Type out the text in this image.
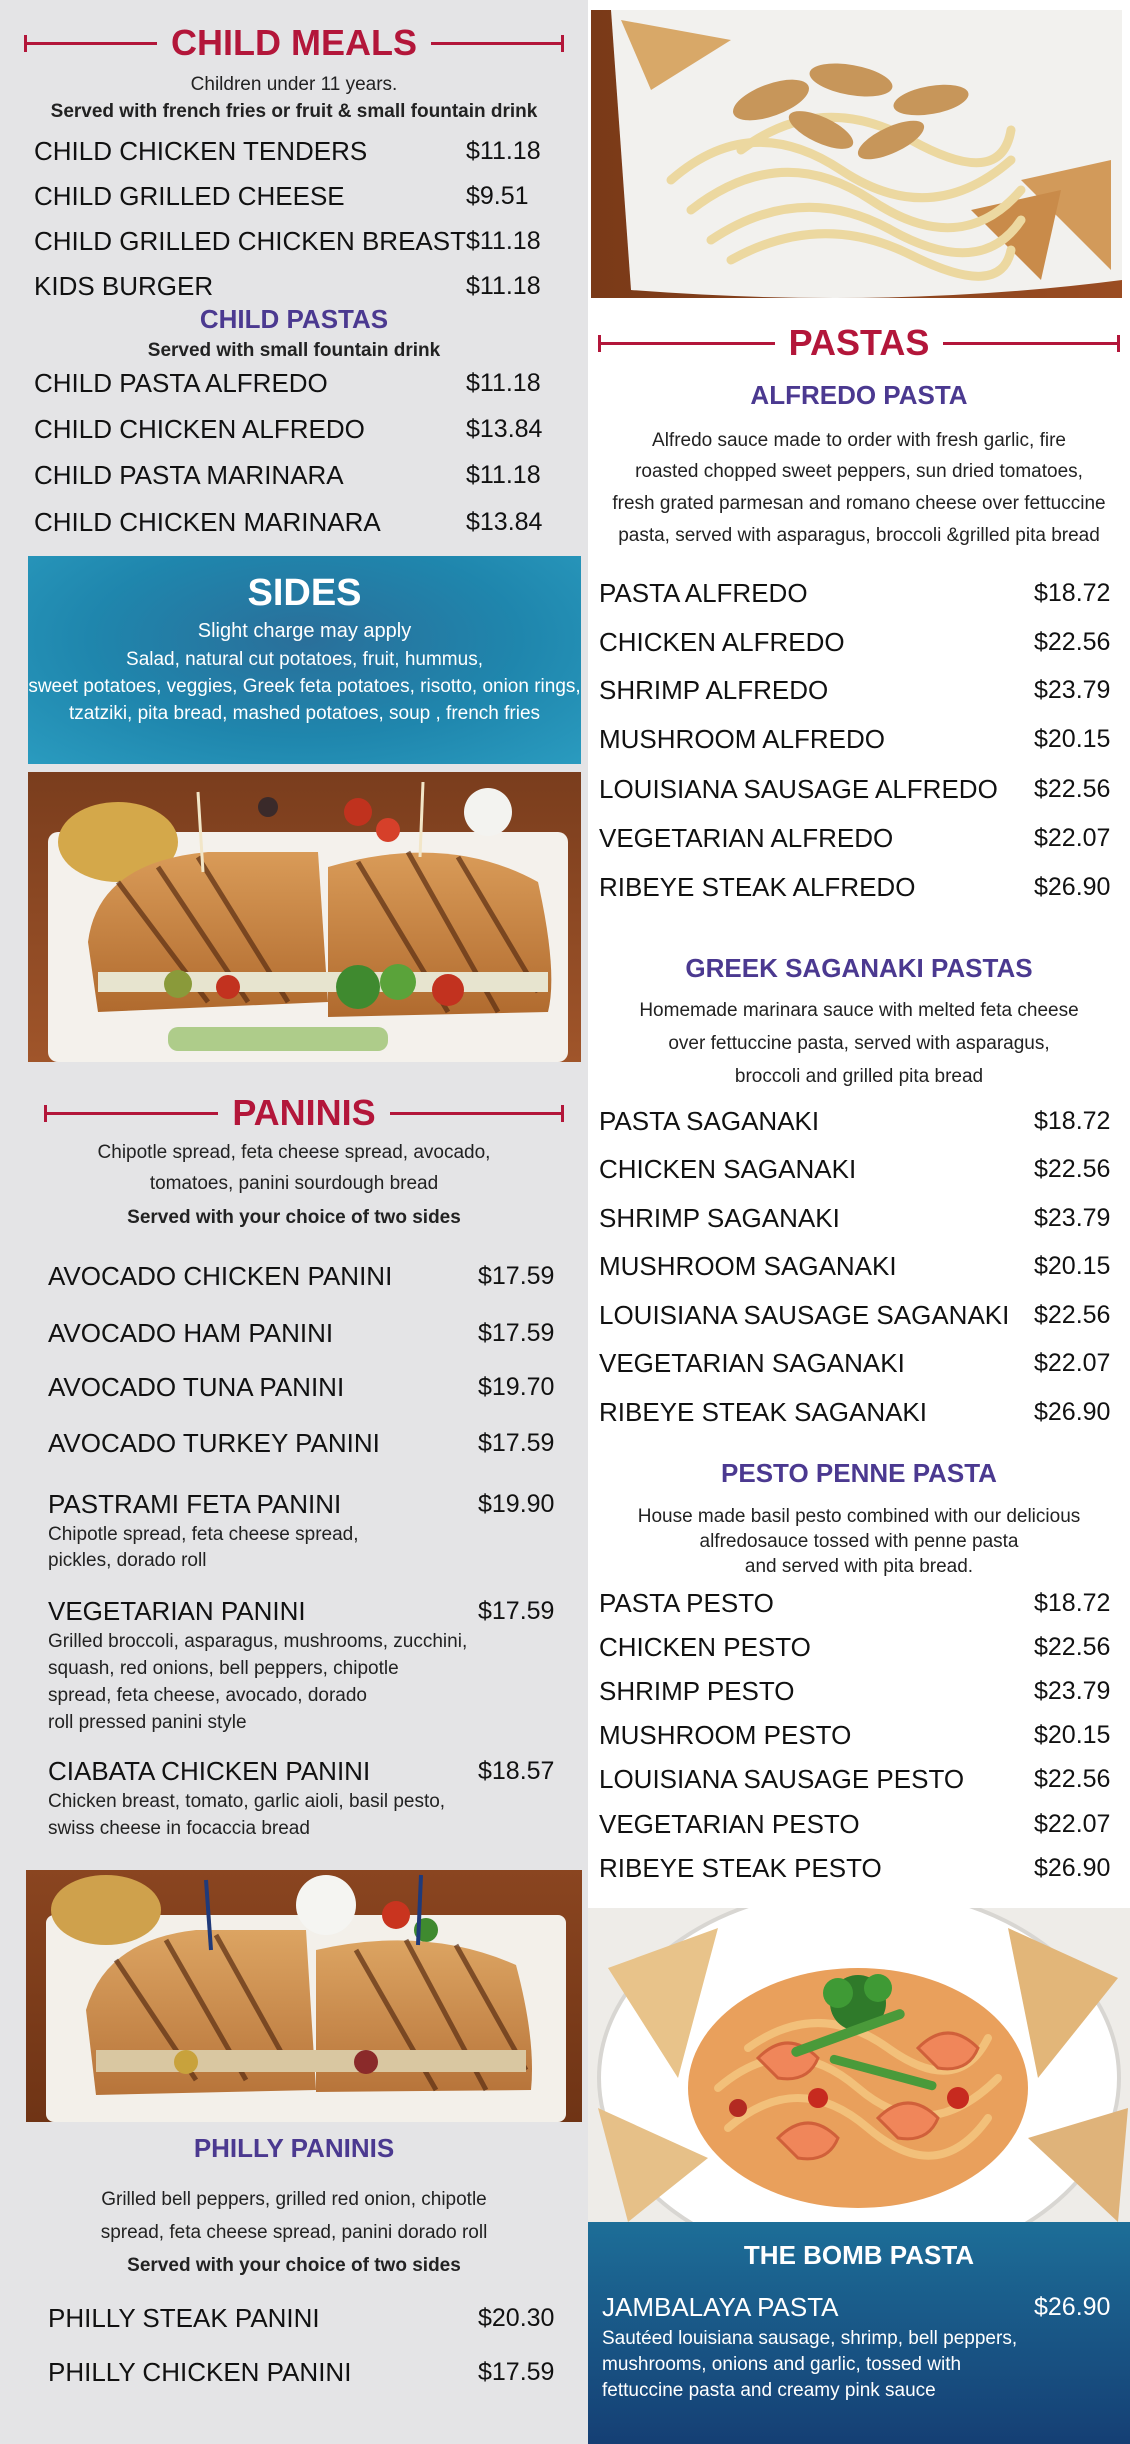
CHILD MEALS
Children under 11 years.
Served with french fries or fruit & small fountain drink
CHILD CHICKEN TENDERS	$11.18
CHILD GRILLED CHEESE	$9.51
CHILD GRILLED CHICKEN BREAST $11.18
KIDS BURGER	$11.18
CHILD PASTAS
Served with small fountain drink
CHILD PASTA ALFREDO	$11.18
CHILD CHICKEN ALFREDO	$13.84
CHILD PASTA MARINARA	$11.18
CHILD CHICKEN MARINARA	$13.84
SIDES
Slight charge may apply
Salad, natural cut potatoes, fruit, hummus,
sweet potatoes, veggies, Greek feta potatoes, risotto, onion rings,
tzatziki, pita bread, mashed potatoes, soup , french fries
PANINIS
Chipotle spread, feta cheese spread, avocado,
tomatoes, panini sourdough bread
Served with your choice of two sides
AVOCADO CHICKEN PANINI	$17.59
AVOCADO HAM PANINI	$17.59
AVOCADO TUNA PANINI	$19.70
AVOCADO TURKEY PANINI	$17.59
PASTRAMI FETA PANINI	$19.90
Chipotle spread, feta cheese spread,
pickles, dorado roll
VEGETARIAN PANINI	$17.59
Grilled broccoli, asparagus, mushrooms, zucchini,
squash, red onions, bell peppers, chipotle
spread, feta cheese, avocado, dorado
roll pressed panini style
CIABATA CHICKEN PANINI	$18.57
Chicken breast, tomato, garlic aioli, basil pesto,
swiss cheese in focaccia bread
PHILLY PANINIS
Grilled bell peppers, grilled red onion, chipotle
spread, feta cheese spread, panini dorado roll
Served with your choice of two sides
PHILLY STEAK PANINI	$20.30
PHILLY CHICKEN PANINI	$17.59
PASTAS
ALFREDO PASTA
Alfredo sauce made to order with fresh garlic, fire
roasted chopped sweet peppers, sun dried tomatoes,
fresh grated parmesan and romano cheese over fettuccine
pasta, served with asparagus, broccoli &grilled pita bread
PASTA ALFREDO	$18.72
CHICKEN ALFREDO	$22.56
SHRIMP ALFREDO	$23.79
MUSHROOM ALFREDO	$20.15
LOUISIANA SAUSAGE ALFREDO $22.56
VEGETARIAN ALFREDO	$22.07
RIBEYE STEAK ALFREDO	$26.90
GREEK SAGANAKI PASTAS
Homemade marinara sauce with melted feta cheese
over fettuccine pasta, served with asparagus,
broccoli and grilled pita bread
PASTA SAGANAKI	$18.72
CHICKEN SAGANAKI	$22.56
SHRIMP SAGANAKI	$23.79
MUSHROOM SAGANAKI	$20.15
LOUISIANA SAUSAGE SAGANAKI $22.56
VEGETARIAN SAGANAKI	$22.07
RIBEYE STEAK SAGANAKI	$26.90
PESTO PENNE PASTA
House made basil pesto combined with our delicious
alfredosauce tossed with penne pasta
and served with pita bread.
PASTA PESTO	$18.72
CHICKEN PESTO	$22.56
SHRIMP PESTO	$23.79
MUSHROOM PESTO	$20.15
LOUISIANA SAUSAGE PESTO	$22.56
VEGETARIAN PESTO	$22.07
RIBEYE STEAK PESTO	$26.90
THE BOMB PASTA
JAMBALAYA PASTA	$26.90
Sautéed louisiana sausage, shrimp, bell peppers,
mushrooms, onions and garlic, tossed with
fettuccine pasta and creamy pink sauce
